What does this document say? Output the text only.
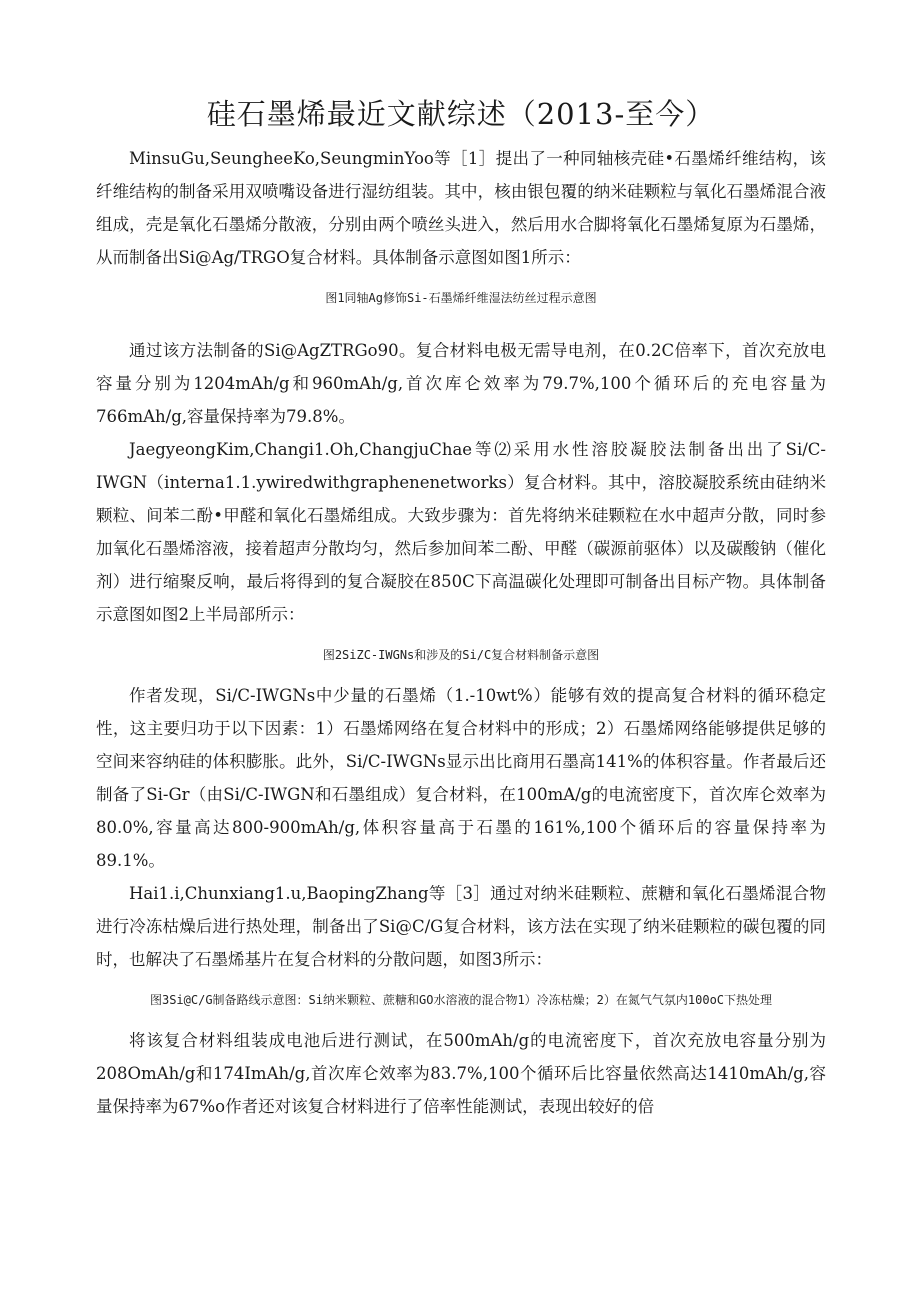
硅石墨烯最近文献综述（2013-至今）

MinsuGu,SeungheeKo,SeungminYoo等［1］提出了一种同轴核壳硅•石墨烯纤维结构，该纤维结构的制备采用双喷嘴设备进行湿纺组装。其中，核由银包覆的纳米硅颗粒与氧化石墨烯混合液组成，壳是氧化石墨烯分散液，分别由两个喷丝头进入，然后用水合脚将氧化石墨烯复原为石墨烯，从而制备出Si@Ag/TRGO复合材料。具体制备示意图如图1所示：

图1同轴Ag修饰Si-石墨烯纤维湿法纺丝过程示意图

通过该方法制备的Si@AgZTRGo90。复合材料电极无需导电剂，在0.2C倍率下，首次充放电容量分别为1204mAh/g和960mAh/g,首次库仑效率为79.7%,100个循环后的充电容量为766mAh/g,容量保持率为79.8%。

JaegyeongKim,Changi1.Oh,ChangjuChae等⑵采用水性溶胶凝胶法制备出出了Si/C-IWGN（interna1.1.ywiredwithgraphenenetworks）复合材料。其中，溶胶凝胶系统由硅纳米颗粒、间苯二酚•甲醛和氧化石墨烯组成。大致步骤为：首先将纳米硅颗粒在水中超声分散，同时参加氧化石墨烯溶液，接着超声分散均匀，然后参加间苯二酚、甲醛（碳源前驱体）以及碳酸钠（催化剂）进行缩聚反响，最后将得到的复合凝胶在850C下高温碳化处理即可制备出目标产物。具体制备示意图如图2上半局部所示：

图2SiZC-IWGNs和涉及的Si/C复合材料制备示意图

作者发现，Si/C-IWGNs中少量的石墨烯（1.-10wt%）能够有效的提高复合材料的循环稳定性，这主要归功于以下因素：1）石墨烯网络在复合材料中的形成；2）石墨烯网络能够提供足够的空间来容纳硅的体积膨胀。此外，Si/C-IWGNs显示出比商用石墨高141%的体积容量。作者最后还制备了Si-Gr（由Si/C-IWGN和石墨组成）复合材料，在100mA/g的电流密度下，首次库仑效率为80.0%,容量高达800-900mAh/g,体积容量高于石墨的161%,100个循环后的容量保持率为89.1%。

Hai1.i,Chunxiang1.u,BaopingZhang等［3］通过对纳米硅颗粒、蔗糖和氧化石墨烯混合物进行冷冻枯燥后进行热处理，制备出了Si@C/G复合材料，该方法在实现了纳米硅颗粒的碳包覆的同时，也解决了石墨烯基片在复合材料的分散问题，如图3所示：

图3Si@C/G制备路线示意图：Si纳米颗粒、蔗糖和GO水溶液的混合物1）冷冻枯燥；2）在氮气气氛内100oC下热处理

将该复合材料组装成电池后进行测试，在500mAh/g的电流密度下，首次充放电容量分别为208OmAh/g和174ImAh/g,首次库仑效率为83.7%,100个循环后比容量依然高达1410mAh/g,容量保持率为67%o作者还对该复合材料进行了倍率性能测试，表现出较好的倍
